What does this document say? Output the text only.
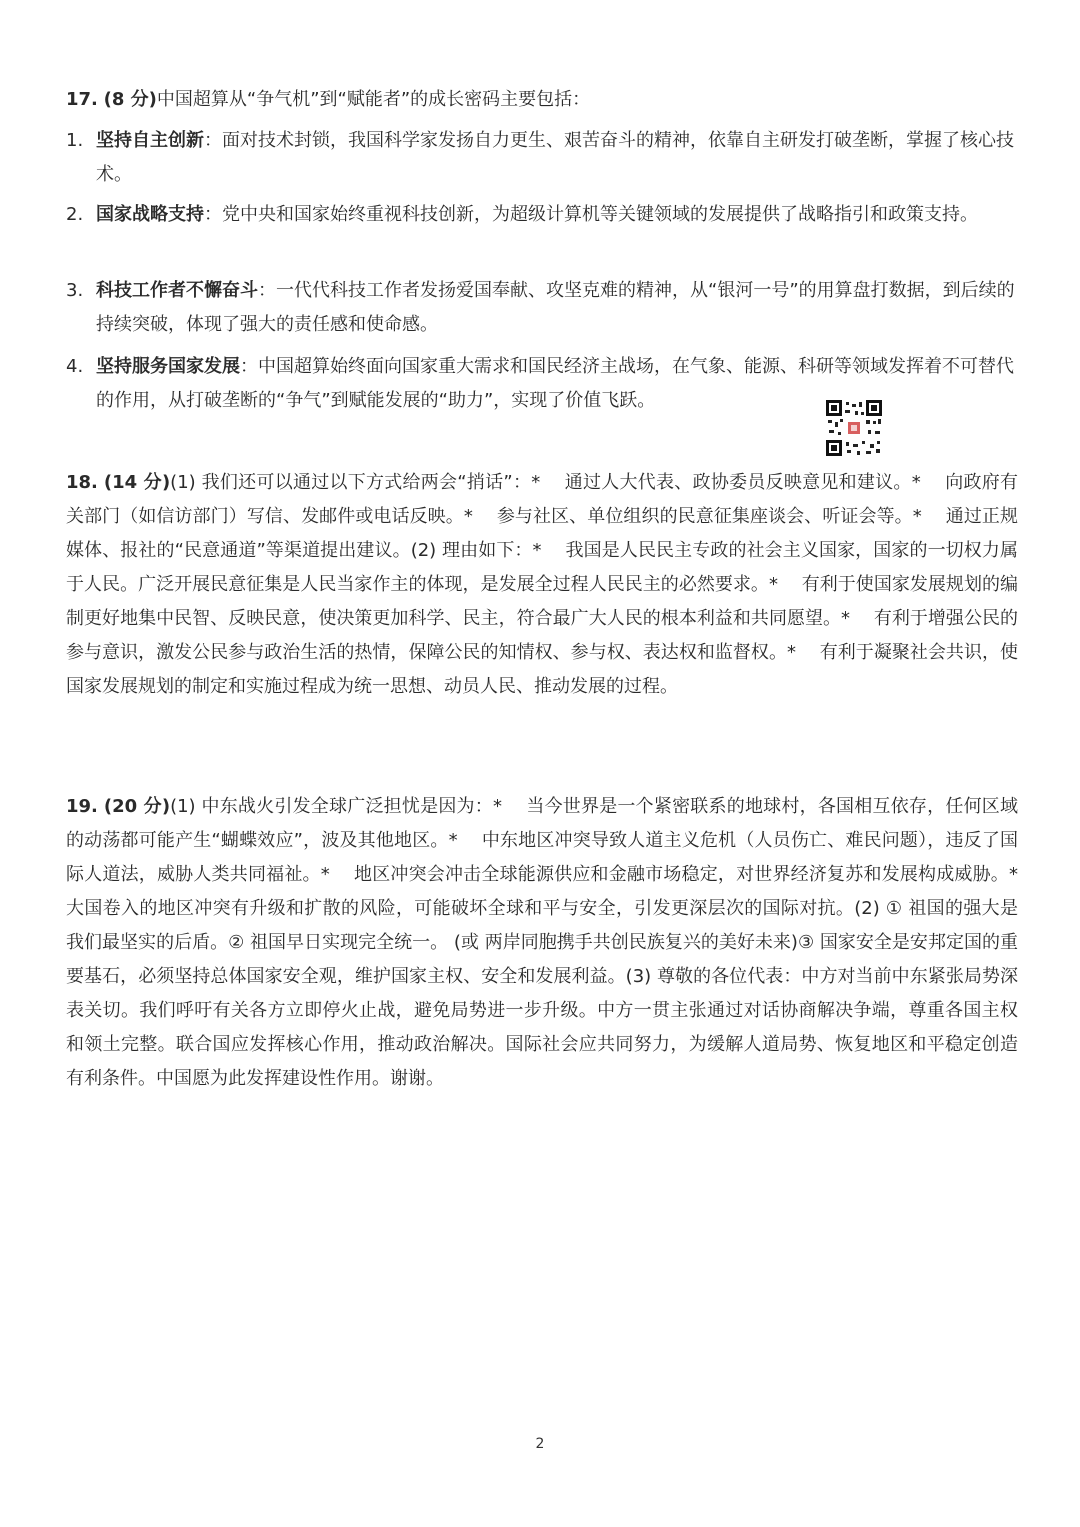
17. (8 分)中国超算从“争气机”到“赋能者”的成长密码主要包括：
1. 坚持自主创新：面对技术封锁，我国科学家发扬自力更生、艰苦奋斗的精神，依靠自主研发打破垄断，掌握了核心技术。
2. 国家战略支持：党中央和国家始终重视科技创新，为超级计算机等关键领域的发展提供了战略指引和政策支持。
3. 科技工作者不懈奋斗：一代代科技工作者发扬爱国奉献、攻坚克难的精神，从“银河一号”的用算盘打数据，到后续的持续突破，体现了强大的责任感和使命感。
4. 坚持服务国家发展：中国超算始终面向国家重大需求和国民经济主战场，在气象、能源、科研等领域发挥着不可替代的作用，从打破垄断的“争气”到赋能发展的“助力”，实现了价值飞跃。
18. (14 分)(1) 我们还可以通过以下方式给两会“捎话”：*　 通过人大代表、政协委员反映意见和建议。*　 向政府有关部门（如信访部门）写信、发邮件或电话反映。*　 参与社区、单位组织的民意征集座谈会、听证会等。*　 通过正规媒体、报社的“民意通道”等渠道提出建议。(2) 理由如下：*　 我国是人民民主专政的社会主义国家，国家的一切权力属于人民。广泛开展民意征集是人民当家作主的体现，是发展全过程人民民主的必然要求。*　 有利于使国家发展规划的编制更好地集中民智、反映民意，使决策更加科学、民主，符合最广大人民的根本利益和共同愿望。*　 有利于增强公民的参与意识，激发公民参与政治生活的热情，保障公民的知情权、参与权、表达权和监督权。*　 有利于凝聚社会共识，使国家发展规划的制定和实施过程成为统一思想、动员人民、推动发展的过程。
19. (20 分)(1) 中东战火引发全球广泛担忧是因为：*　 当今世界是一个紧密联系的地球村，各国相互依存，任何区域的动荡都可能产生“蝴蝶效应”，波及其他地区。*　 中东地区冲突导致人道主义危机（人员伤亡、难民问题），违反了国际人道法，威胁人类共同福祉。*　 地区冲突会冲击全球能源供应和金融市场稳定，对世界经济复苏和发展构成威胁。*　 大国卷入的地区冲突有升级和扩散的风险，可能破坏全球和平与安全，引发更深层次的国际对抗。(2) ① 祖国的强大是我们最坚实的后盾。② 祖国早日实现完全统一。 (或 两岸同胞携手共创民族复兴的美好未来)③ 国家安全是安邦定国的重要基石，必须坚持总体国家安全观，维护国家主权、安全和发展利益。(3) 尊敬的各位代表：中方对当前中东紧张局势深表关切。我们呼吁有关各方立即停火止战，避免局势进一步升级。中方一贯主张通过对话协商解决争端，尊重各国主权和领土完整。联合国应发挥核心作用，推动政治解决。国际社会应共同努力，为缓解人道局势、恢复地区和平稳定创造有利条件。中国愿为此发挥建设性作用。谢谢。
2
